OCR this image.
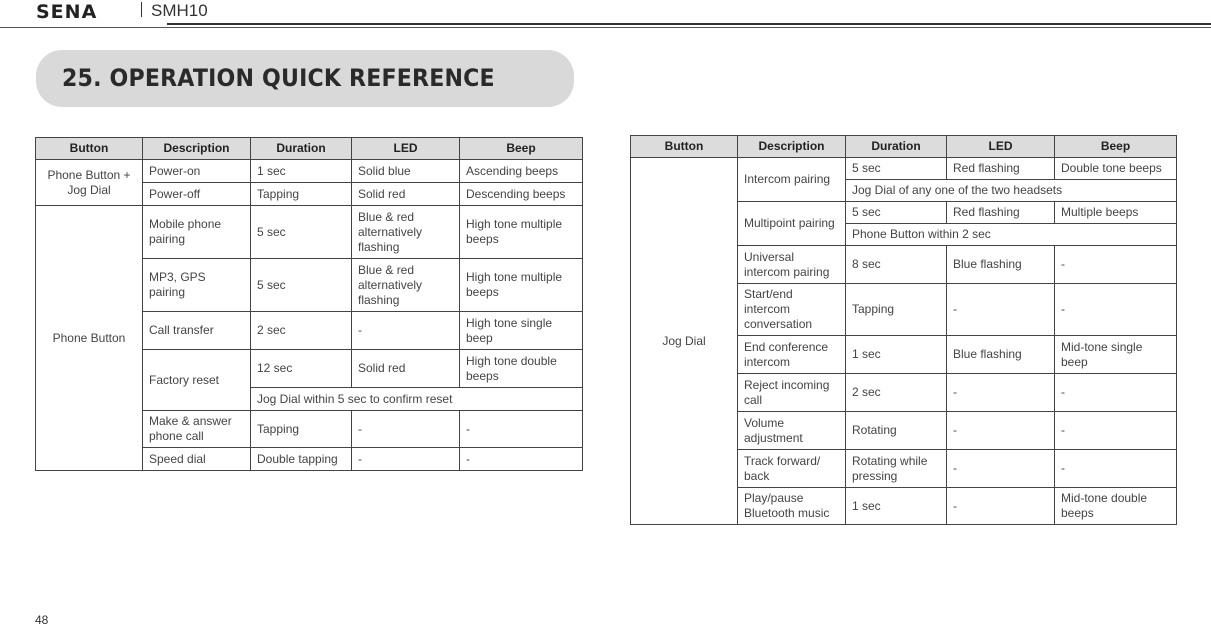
SENA	SMH10
25. OPERATION QUICK REFERENCE
Button	Description	Duration	LED	Beep
Phone Button + Jog Dial	Power-on	1 sec	Solid blue	Ascending beeps
	Power-off	Tapping	Solid red	Descending beeps
Phone Button	Mobile phone pairing	5 sec	Blue & red alternatively flashing	High tone multiple beeps
	MP3, GPS pairing	5 sec	Blue & red alternatively flashing	High tone multiple beeps
	Call transfer	2 sec	-	High tone single beep
	Factory reset	12 sec	Solid red	High tone double beeps
		Jog Dial within 5 sec to confirm reset		
	Make & answer phone call	Tapping	-	-
	Speed dial	Double tapping	-	-
Button	Description	Duration	LED	Beep
Jog Dial	Intercom pairing	5 sec	Red flashing	Double tone beeps
		Jog Dial of any one of the two headsets		
	Multipoint pairing	5 sec	Red flashing	Multiple beeps
		Phone Button within 2 sec		
	Universal intercom pairing	8 sec	Blue flashing	-
	Start/end intercom conversation	Tapping	-	-
	End conference intercom	1 sec	Blue flashing	Mid-tone single beep
	Reject incoming call	2 sec	-	-
	Volume adjustment	Rotating	-	-
	Track forward/ back	Rotating while pressing	-	-
	Play/pause Bluetooth music	1 sec	-	Mid-tone double beeps
48
